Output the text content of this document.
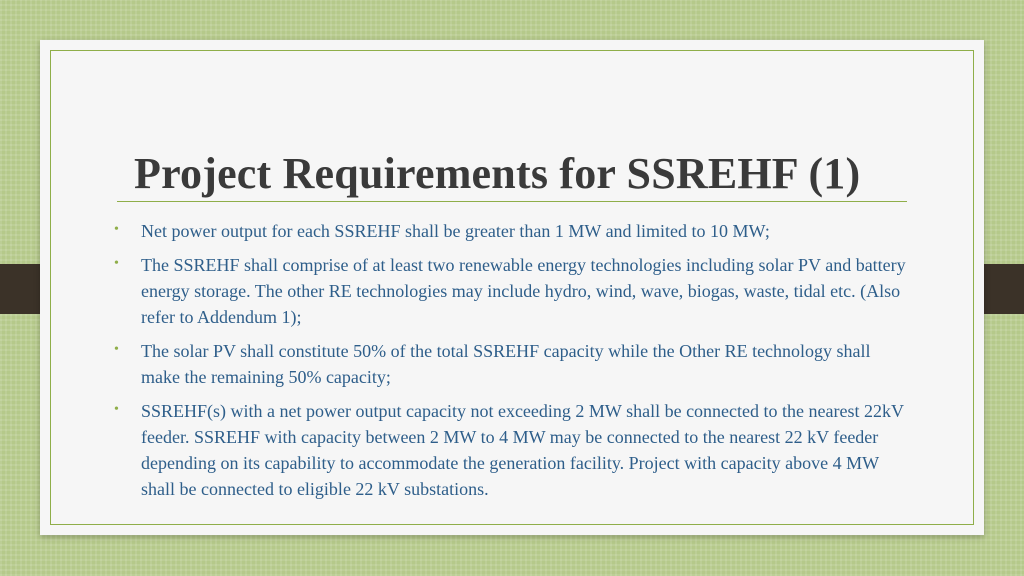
Project Requirements for SSREHF (1)
• Net power output for each SSREHF shall be greater than 1 MW and limited to 10 MW;
• The SSREHF shall comprise of at least two renewable energy technologies including solar PV and battery energy storage. The other RE technologies may include hydro, wind, wave, biogas, waste, tidal etc. (Also refer to Addendum 1);
• The solar PV shall constitute 50% of the total SSREHF capacity while the Other RE technology shall make the remaining 50% capacity;
• SSREHF(s) with a net power output capacity not exceeding 2 MW shall be connected to the nearest 22kV feeder. SSREHF with capacity between 2 MW to 4 MW may be connected to the nearest 22 kV feeder depending on its capability to accommodate the generation facility. Project with capacity above 4 MW shall be connected to eligible 22 kV substations.
